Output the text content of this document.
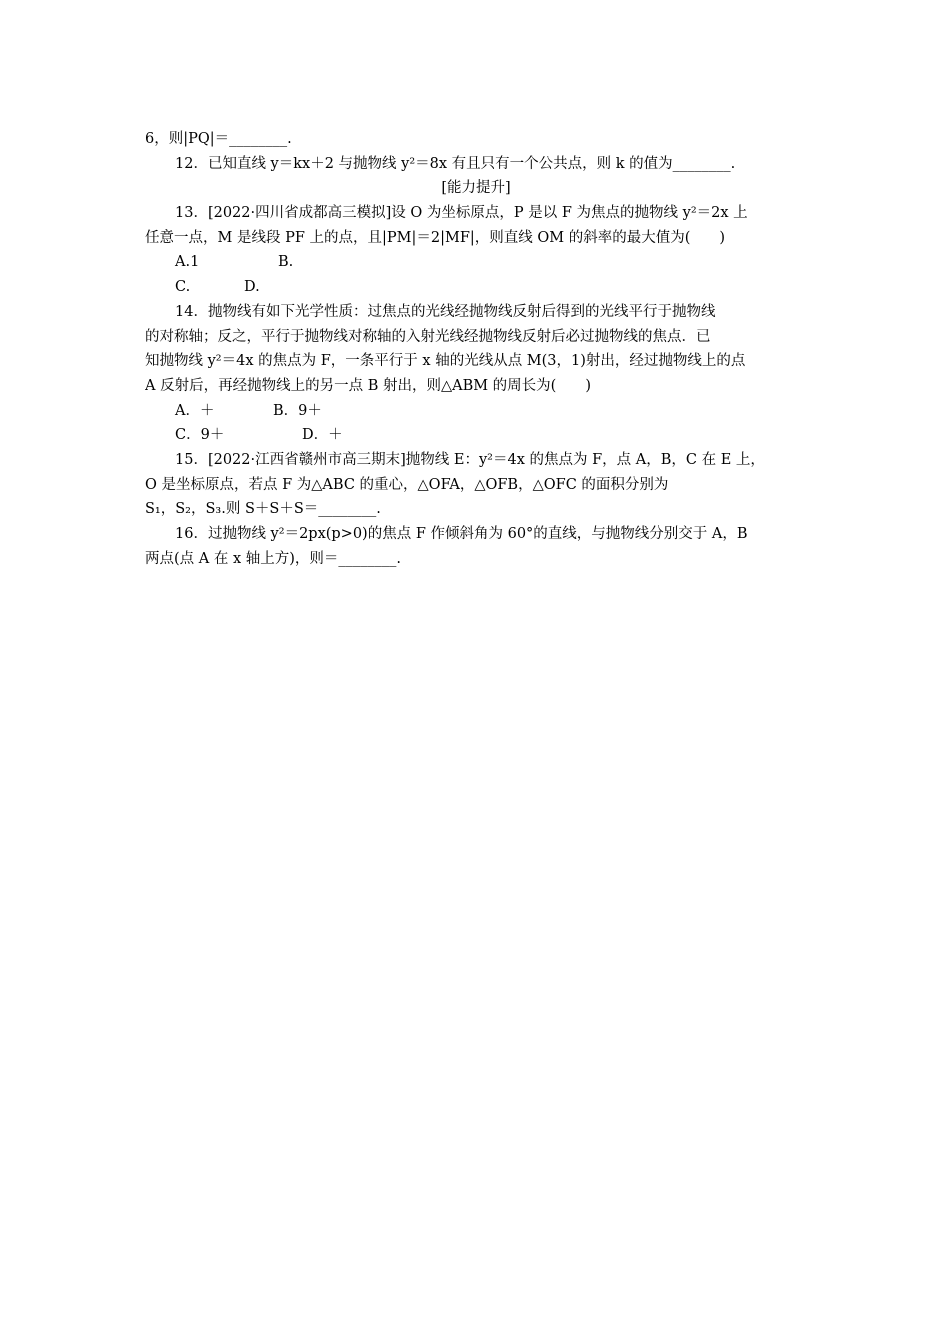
6，则|PQ|＝________.
12．已知直线 y＝kx＋2 与抛物线 y²＝8x 有且只有一个公共点，则 k 的值为________.
[能力提升]
13．[2022·四川省成都高三模拟]设 O 为坐标原点，P 是以 F 为焦点的抛物线 y²＝2x 上
任意一点，M 是线段 PF 上的点，且|PM|＝2|MF|，则直线 OM 的斜率的最大值为(　　)
A.1	B.
C.	D.
14．抛物线有如下光学性质：过焦点的光线经抛物线反射后得到的光线平行于抛物线
的对称轴；反之，平行于抛物线对称轴的入射光线经抛物线反射后必过抛物线的焦点．已
知抛物线 y²＝4x 的焦点为 F，一条平行于 x 轴的光线从点 M(3，1)射出，经过抛物线上的点
A 反射后，再经抛物线上的另一点 B 射出，则△ABM 的周长为(　　)
A．＋	B．9＋
C．9＋	D．＋
15．[2022·江西省赣州市高三期末]抛物线 E：y²＝4x 的焦点为 F，点 A，B，C 在 E 上，
O 是坐标原点，若点 F 为△ABC 的重心，△OFA，△OFB，△OFC 的面积分别为
S₁，S₂，S₃.则 S＋S＋S＝________.
16．过抛物线 y²＝2px(p>0)的焦点 F 作倾斜角为 60°的直线，与抛物线分别交于 A，B
两点(点 A 在 x 轴上方)，则＝________.
